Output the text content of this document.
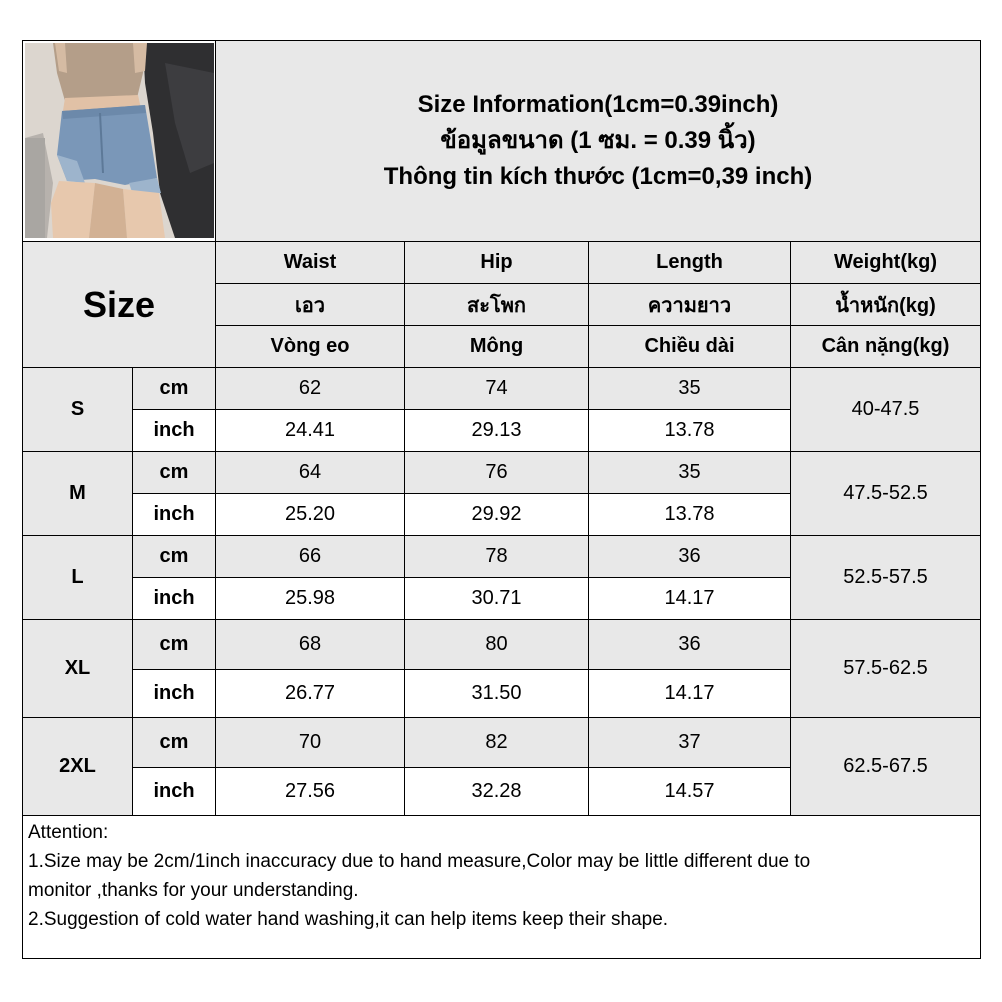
Size Information(1cm=0.39inch)
ข้อมูลขนาด (1 ซม. = 0.39 นิ้ว)
Thông tin kích thước (1cm=0,39 inch)			

Size		Waist	Hip	Length	Weight(kg)
		เอว	สะโพก	ความยาว	น้ำหนัก(kg)
		Vòng eo	Mông	Chiều dài	Cân nặng(kg)
S	cm	62	74	35	40-47.5
	inch	24.41	29.13	13.78	
M	cm	64	76	35	47.5-52.5
	inch	25.20	29.92	13.78	
L	cm	66	78	36	52.5-57.5
	inch	25.98	30.71	14.17	
XL	cm	68	80	36	57.5-62.5
	inch	26.77	31.50	14.17	
2XL	cm	70	82	37	62.5-67.5
	inch	27.56	32.28	14.57	

Attention:
1.Size may be 2cm/1inch inaccuracy due to hand measure,Color may be little different due to
monitor ,thanks for your understanding.
2.Suggestion of cold water hand washing,it can help items keep their shape.					
